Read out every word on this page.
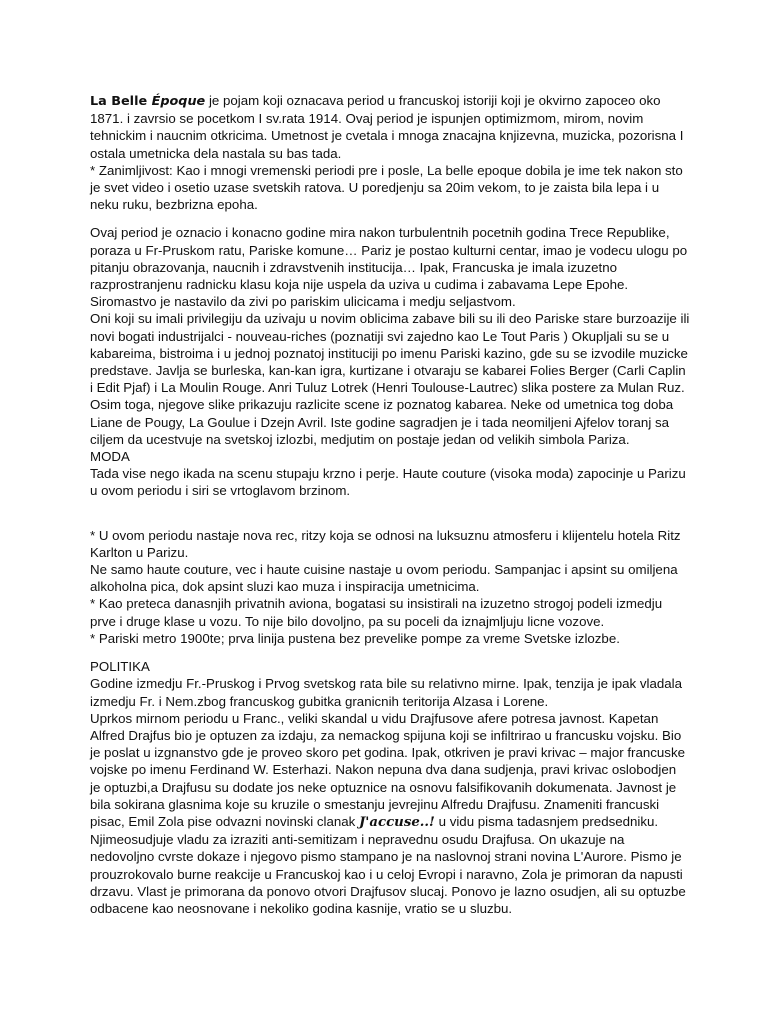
La Belle Époque je pojam koji oznacava period u francuskoj istoriji koji je okvirno zapoceo oko 1871. i zavrsio se pocetkom I sv.rata 1914. Ovaj period je ispunjen optimizmom, mirom, novim tehnickim i naucnim otkricima. Umetnost je cvetala i mnoga znacajna knjizevna, muzicka, pozorisna I ostala umetnicka dela nastala su bas tada.

* Zanimljivost: Kao i mnogi vremenski periodi pre i posle, La belle epoque dobila je ime tek nakon sto je svet video i osetio uzase svetskih ratova. U poredjenju sa 20im vekom, to je zaista bila lepa i u neku ruku, bezbrizna epoha.

Ovaj period je oznacio i konacno godine mira nakon turbulentnih pocetnih godina Trece Republike, poraza u Fr-Pruskom ratu, Pariske komune… Pariz je postao kulturni centar, imao je vodecu ulogu po pitanju obrazovanja, naucnih i zdravstvenih institucija… Ipak, Francuska je imala izuzetno razprostranjenu radnicku klasu koja nije uspela da uziva u cudima i zabavama Lepe Epohe. Siromastvo je nastavilo da zivi po pariskim ulicicama i medju seljastvom.

Oni koji su imali privilegiju da uzivaju u novim oblicima zabave bili su ili deo Pariske stare burzoazije ili novi bogati industrijalci - nouveau-riches (poznatiji svi zajedno kao Le Tout Paris ) Okupljali su se u kabareima, bistroima i u jednoj poznatoj instituciji po imenu Pariski kazino, gde su se izvodile muzicke predstave. Javlja se burleska, kan-kan igra, kurtizane i otvaraju se kabarei Folies Berger (Carli Caplin i Edit Pjaf) i La Moulin Rouge. Anri Tuluz Lotrek (Henri Toulouse-Lautrec) slika postere za Mulan Ruz. Osim toga, njegove slike prikazuju razlicite scene iz poznatog kabarea. Neke od umetnica tog doba Liane de Pougy, La Goulue i Dzejn Avril. Iste godine sagradjen je i tada neomiljeni Ajfelov toranj sa ciljem da ucestvuje na svetskoj izlozbi, medjutim on postaje jedan od velikih simbola Pariza.

MODA

Tada vise nego ikada na scenu stupaju krzno i perje. Haute couture (visoka moda) zapocinje u Parizu u ovom periodu i siri se vrtoglavom brzinom.

* U ovom periodu nastaje nova rec, ritzy koja se odnosi na luksuznu atmosferu i klijentelu hotela Ritz Karlton u Parizu.

Ne samo haute couture, vec i haute cuisine nastaje u ovom periodu. Sampanjac i apsint su omiljena alkoholna pica, dok apsint sluzi kao muza i inspiracija umetnicima.

* Kao preteca danasnjih privatnih aviona, bogatasi su insistirali na izuzetno strogoj podeli izmedju prve i druge klase u vozu. To nije bilo dovoljno, pa su poceli da iznajmljuju licne vozove.

* Pariski metro 1900te; prva linija pustena bez prevelike pompe za vreme Svetske izlozbe.

POLITIKA

Godine izmedju Fr.-Pruskog i Prvog svetskog rata bile su relativno mirne. Ipak, tenzija je ipak vladala izmedju Fr. i Nem.zbog francuskog gubitka granicnih teritorija Alzasa i Lorene.

Uprkos mirnom periodu u Franc., veliki skandal u vidu Drajfusove afere potresa javnost. Kapetan Alfred Drajfus bio je optuzen za izdaju, za nemackog spijuna koji se infiltrirao u francusku vojsku. Bio je poslat u izgnanstvo gde je proveo skoro pet godina. Ipak, otkriven je pravi krivac – major francuske vojske po imenu Ferdinand W. Esterhazi. Nakon nepuna dva dana sudjenja, pravi krivac oslobodjen je optuzbi,a Drajfusu su dodate jos neke optuznice na osnovu falsifikovanih dokumenata. Javnost je bila sokirana glasnima koje su kruzile o smestanju jevrejinu Alfredu Drajfusu. Znameniti francuski pisac, Emil Zola pise odvazni novinski clanak J'accuse..! u vidu pisma tadasnjem predsedniku. Njimeosudjuje vladu za izraziti anti-semitizam i nepravednu osudu Drajfusa. On ukazuje na nedovoljno cvrste dokaze i njegovo pismo stampano je na naslovnoj strani novina L'Aurore. Pismo je prouzrokovalo burne reakcije u Francuskoj kao i u celoj Evropi i naravno, Zola je primoran da napusti drzavu. Vlast je primorana da ponovo otvori Drajfusov slucaj. Ponovo je lazno osudjen, ali su optuzbe odbacene kao neosnovane i nekoliko godina kasnije, vratio se u sluzbu.
